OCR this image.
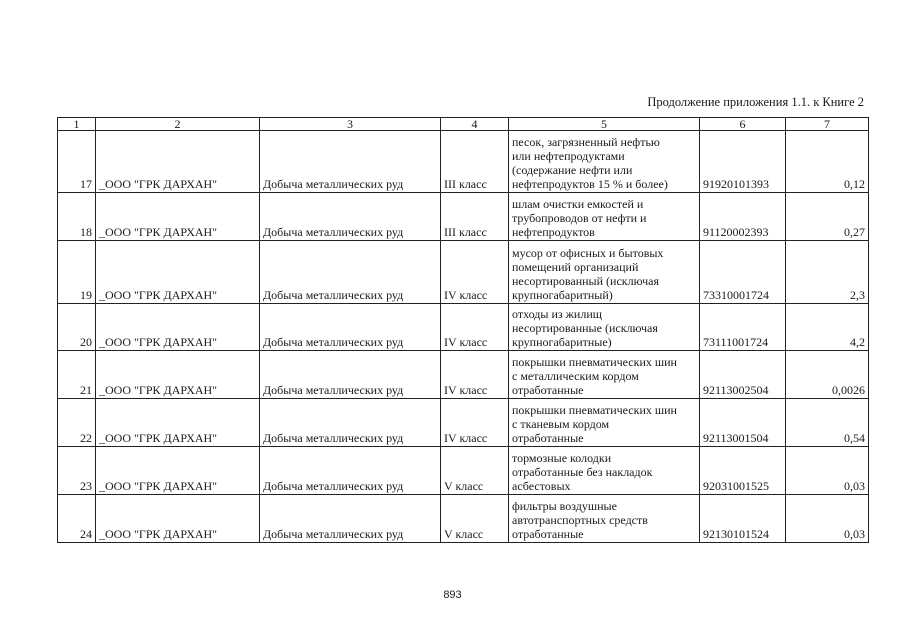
Продолжение приложения 1.1. к Книге 2
1	2	3	4	5	6	7
17	_ООО "ГРК ДАРХАН"	Добыча металлических руд	III класс	песок, загрязненный нефтью
или нефтепродуктами
(содержание нефти или
нефтепродуктов 15 % и более)	91920101393	0,12
18	_ООО "ГРК ДАРХАН"	Добыча металлических руд	III класс	шлам очистки емкостей и
трубопроводов от нефти и
нефтепродуктов	91120002393	0,27
19	_ООО "ГРК ДАРХАН"	Добыча металлических руд	IV класс	мусор от офисных и бытовых
помещений организаций
несортированный (исключая
крупногабаритный)	73310001724	2,3
20	_ООО "ГРК ДАРХАН"	Добыча металлических руд	IV класс	отходы из жилищ
несортированные (исключая
крупногабаритные)	73111001724	4,2
21	_ООО "ГРК ДАРХАН"	Добыча металлических руд	IV класс	покрышки пневматических шин
с металлическим кордом
отработанные	92113002504	0,0026
22	_ООО "ГРК ДАРХАН"	Добыча металлических руд	IV класс	покрышки пневматических шин
с тканевым кордом
отработанные	92113001504	0,54
23	_ООО "ГРК ДАРХАН"	Добыча металлических руд	V класс	тормозные колодки
отработанные без накладок
асбестовых	92031001525	0,03
24	_ООО "ГРК ДАРХАН"	Добыча металлических руд	V класс	фильтры воздушные
автотранспортных средств
отработанные	92130101524	0,03
893
